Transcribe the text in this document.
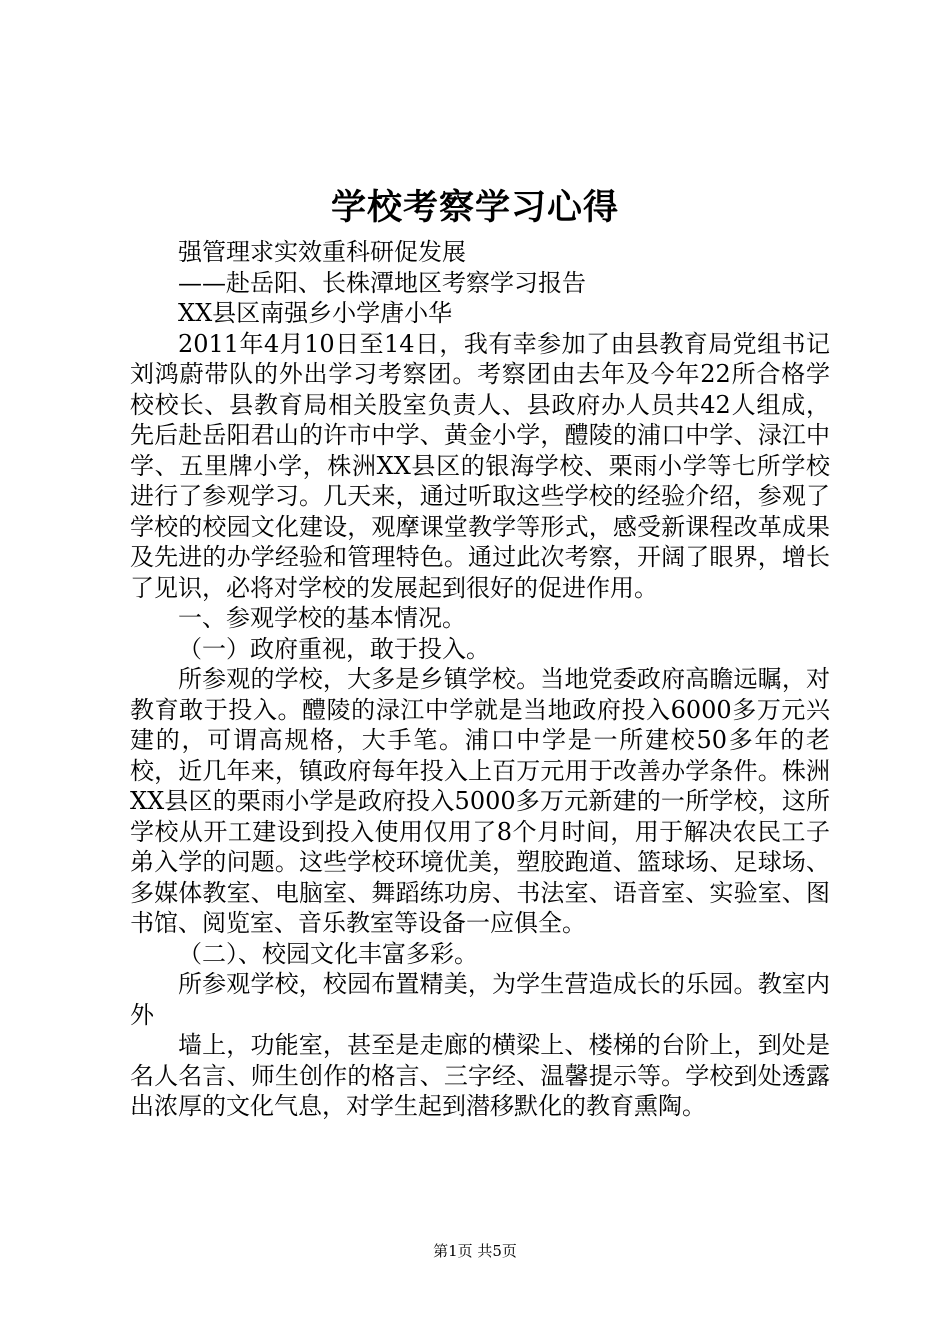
学校考察学习心得

强管理求实效重科研促发展

——赴岳阳、长株潭地区考察学习报告

XX县区南强乡小学唐小华

2011年4月10日至14日，我有幸参加了由县教育局党组书记刘鸿蔚带队的外出学习考察团。考察团由去年及今年22所合格学校校长、县教育局相关股室负责人、县政府办人员共42人组成，先后赴岳阳君山的许市中学、黄金小学，醴陵的浦口中学、渌江中学、五里牌小学，株洲XX县区的银海学校、栗雨小学等七所学校进行了参观学习。几天来，通过听取这些学校的经验介绍，参观了学校的校园文化建设，观摩课堂教学等形式，感受新课程改革成果及先进的办学经验和管理特色。通过此次考察，开阔了眼界，增长了见识，必将对学校的发展起到很好的促进作用。

一、参观学校的基本情况。

（一）政府重视，敢于投入。

所参观的学校，大多是乡镇学校。当地党委政府高瞻远瞩，对教育敢于投入。醴陵的渌江中学就是当地政府投入6000多万元兴建的，可谓高规格，大手笔。浦口中学是一所建校50多年的老校，近几年来，镇政府每年投入上百万元用于改善办学条件。株洲XX县区的栗雨小学是政府投入5000多万元新建的一所学校，这所学校从开工建设到投入使用仅用了8个月时间，用于解决农民工子弟入学的问题。这些学校环境优美，塑胶跑道、篮球场、足球场、多媒体教室、电脑室、舞蹈练功房、书法室、语音室、实验室、图书馆、阅览室、音乐教室等设备一应俱全。

（二）、校园文化丰富多彩。

所参观学校，校园布置精美，为学生营造成长的乐园。教室内外

墙上，功能室，甚至是走廊的横梁上、楼梯的台阶上，到处是名人名言、师生创作的格言、三字经、温馨提示等。学校到处透露出浓厚的文化气息，对学生起到潜移默化的教育熏陶。

第1页 共5页
